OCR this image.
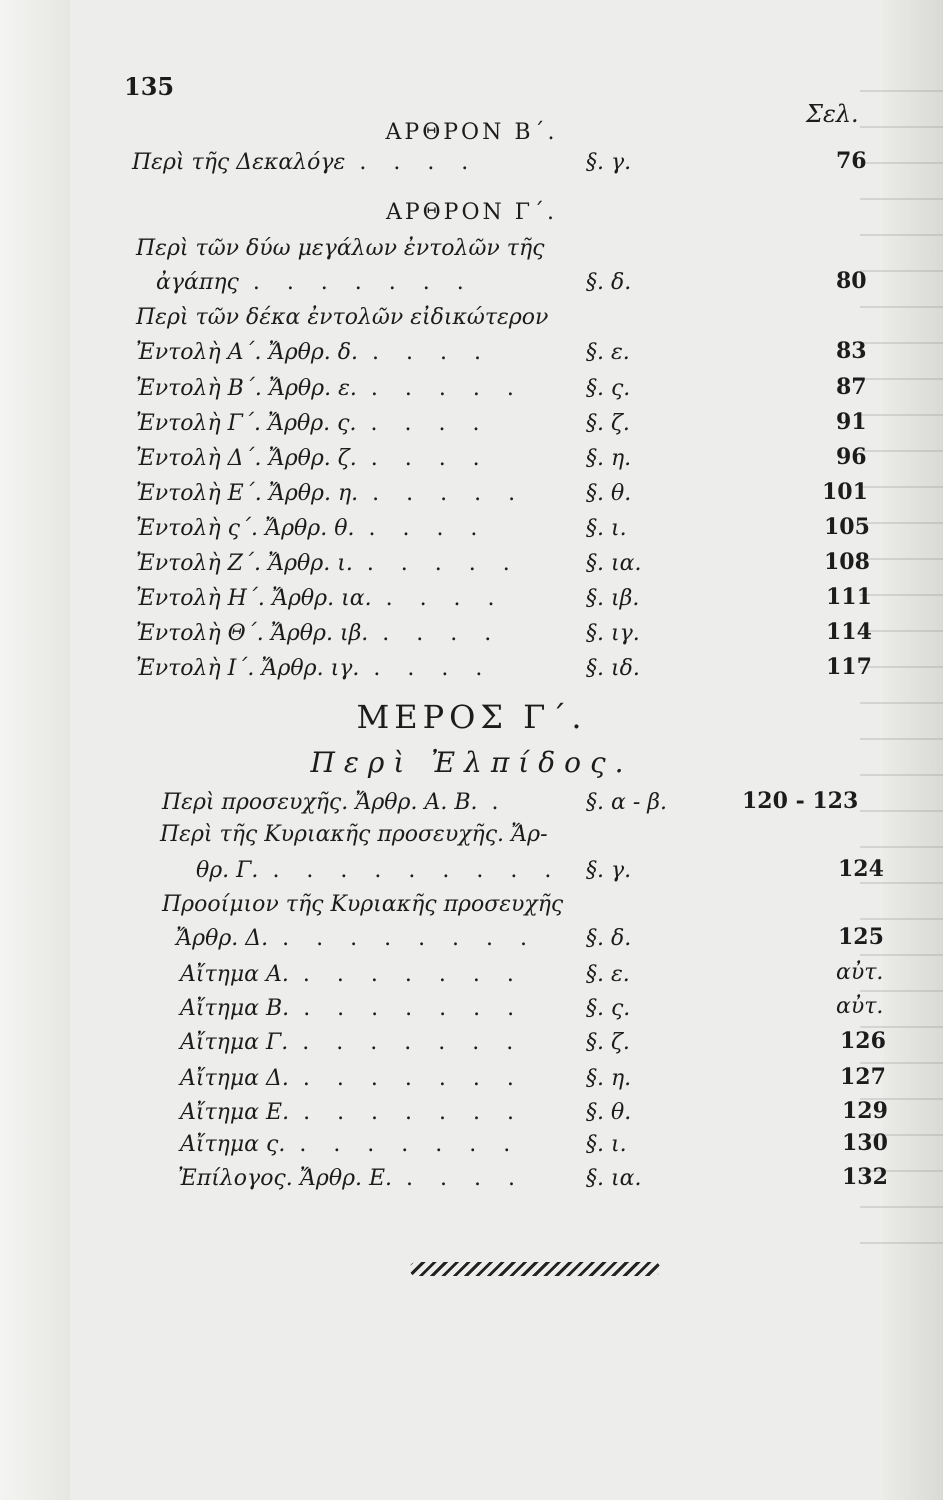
135
Σελ.
ΑΡΘΡΟΝ Β΄.
ΑΡΘΡΟΝ Γ΄.
ΜΕΡΟΣ Γ΄.
Περὶ Ἐλπίδος.
Περὶ τῆς Δεκαλόγε . . . .	§. γ.	76
Περὶ τῶν δύω μεγάλων ἐντολῶν τῆς
ἀγάπης . . . . . . .	§. δ.	80
Περὶ τῶν δέκα ἐντολῶν εἰδικώτερον
Ἐντολὴ Α΄. Ἄρθρ. δ. . . . .	§. ε.	83
Ἐντολὴ Β΄. Ἄρθρ. ε. . . . . .	§. ς.	87
Ἐντολὴ Γ΄. Ἄρθρ. ς. . . . .	§. ζ.	91
Ἐντολὴ Δ΄. Ἄρθρ. ζ. . . . .	§. η.	96
Ἐντολὴ Ε΄. Ἄρθρ. η. . . . . .	§. θ.	101
Ἐντολὴ ς΄. Ἄρθρ. θ. . . . .	§. ι.	105
Ἐντολὴ Ζ΄. Ἄρθρ. ι. . . . . .	§. ια.	108
Ἐντολὴ Η΄. Ἄρθρ. ια. . . . .	§. ιβ.	111
Ἐντολὴ Θ΄. Ἄρθρ. ιβ. . . . .	§. ιγ.	114
Ἐντολὴ Ι΄. Ἄρθρ. ιγ. . . . .	§. ιδ.	117
Περὶ προσευχῆς. Ἄρθρ. Α. Β. .	§. α - β.	120 - 123
Περὶ τῆς Κυριακῆς προσευχῆς. Ἄρ-
θρ. Γ. . . . . . . . . . §. γ.	124
Προοίμιον τῆς Κυριακῆς προσευχῆς
Ἄρθρ. Δ. . . . . . . . . §. δ.	125
Αἴτημα Α. . . . . . . .	§. ε.	αὐτ.
Αἴτημα Β. . . . . . . .	§. ς.	αὐτ.
Αἴτημα Γ. . . . . . . .	§. ζ.	126
Αἴτημα Δ. . . . . . . .	§. η.	127
Αἴτημα Ε. . . . . . . .	§. θ.	129
Αἴτημα ς. . . . . . . .	§. ι.	130
Ἐπίλογος. Ἄρθρ. Ε. . . . .	§. ια.	132
